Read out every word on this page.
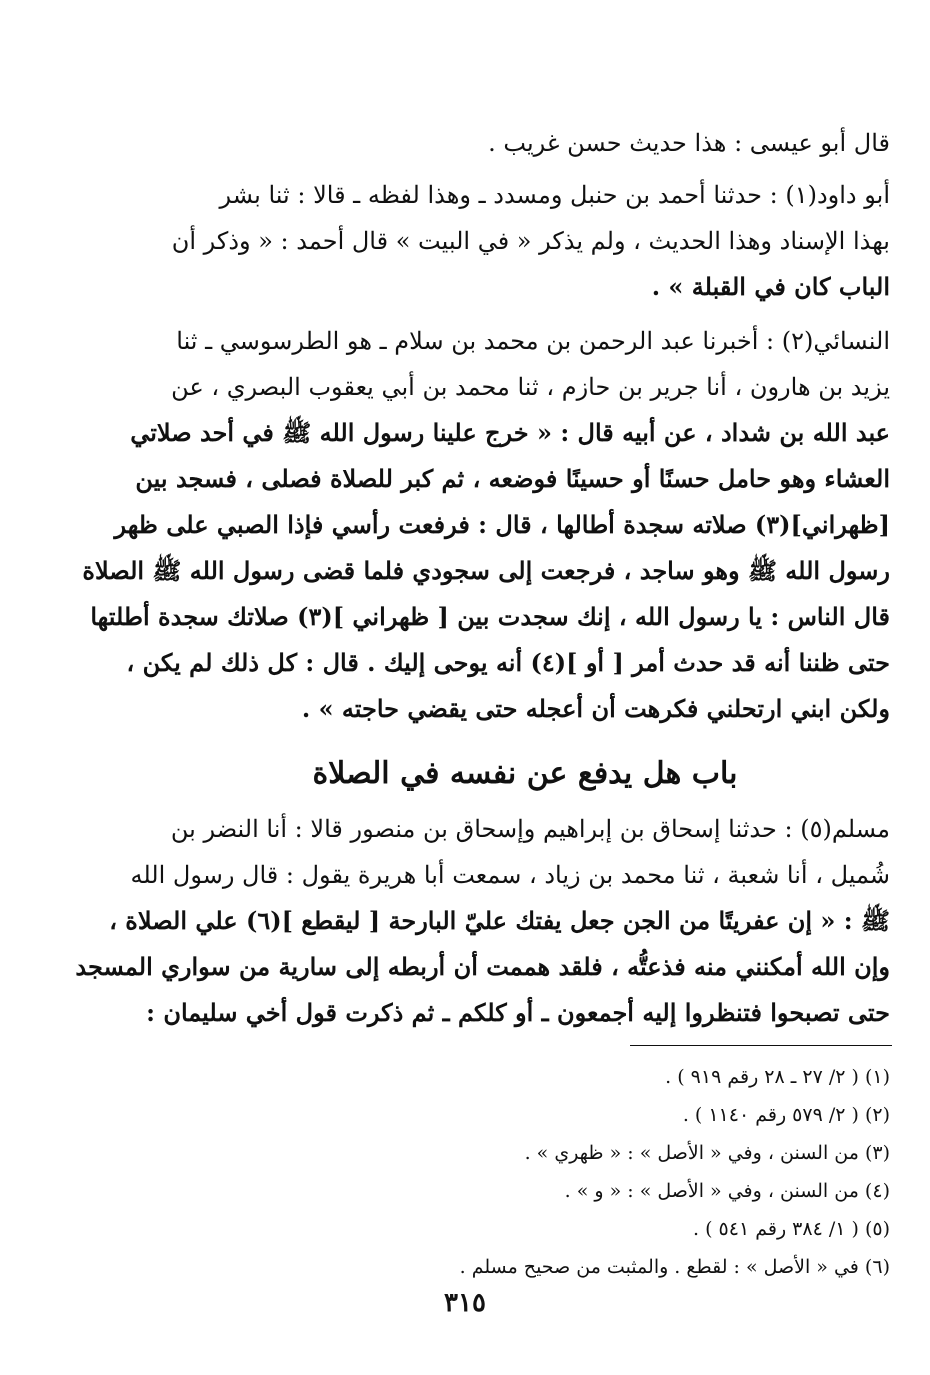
قال أبو عيسى : هذا حديث حسن غريب .
أبو داود(١) : حدثنا أحمد بن حنبل ومسدد ـ وهذا لفظه ـ قالا : ثنا بشر
بهذا الإسناد وهذا الحديث ، ولم يذكر « في البيت » قال أحمد : « وذكر أن
الباب كان في القبلة » .
النسائي(٢) : أخبرنا عبد الرحمن بن محمد بن سلام ـ هو الطرسوسي ـ ثنا
يزيد بن هارون ، أنا جرير بن حازم ، ثنا محمد بن أبي يعقوب البصري ، عن
عبد الله بن شداد ، عن أبيه قال : « خرج علينا رسول الله ﷺ في أحد صلاتي
العشاء وهو حامل حسنًا أو حسينًا فوضعه ، ثم كبر للصلاة فصلى ، فسجد بين
[ظهراني](٣) صلاته سجدة أطالها ، قال : فرفعت رأسي فإذا الصبي على ظهر
رسول الله ﷺ وهو ساجد ، فرجعت إلى سجودي فلما قضى رسول الله ﷺ الصلاة
قال الناس : يا رسول الله ، إنك سجدت بين [ ظهراني ](٣) صلاتك سجدة أطلتها
حتى ظننا أنه قد حدث أمر [ أو ](٤) أنه يوحى إليك . قال : كل ذلك لم يكن ،
ولكن ابني ارتحلني فكرهت أن أعجله حتى يقضي حاجته » .
باب هل يدفع عن نفسه في الصلاة
مسلم(٥) : حدثنا إسحاق بن إبراهيم وإسحاق بن منصور قالا : أنا النضر بن
شُميل ، أنا شعبة ، ثنا محمد بن زياد ، سمعت أبا هريرة يقول : قال رسول الله
ﷺ : « إن عفريتًا من الجن جعل يفتك عليّ البارحة [ ليقطع ](٦) علي الصلاة ،
وإن الله أمكنني منه فذعتُّه ، فلقد هممت أن أربطه إلى سارية من سواري المسجد
حتى تصبحوا فتنظروا إليه أجمعون ـ أو كلكم ـ ثم ذكرت قول أخي سليمان :
(١) ( ٢/ ٢٧ ـ ٢٨ رقم ٩١٩ ) .
(٢) ( ٢/ ٥٧٩ رقم ١١٤٠ ) .
(٣) من السنن ، وفي « الأصل » : « ظهري » .
(٤) من السنن ، وفي « الأصل » : « و » .
(٥) ( ١/ ٣٨٤ رقم ٥٤١ ) .
(٦) في « الأصل » : لقطع . والمثبت من صحيح مسلم .
٣١٥
